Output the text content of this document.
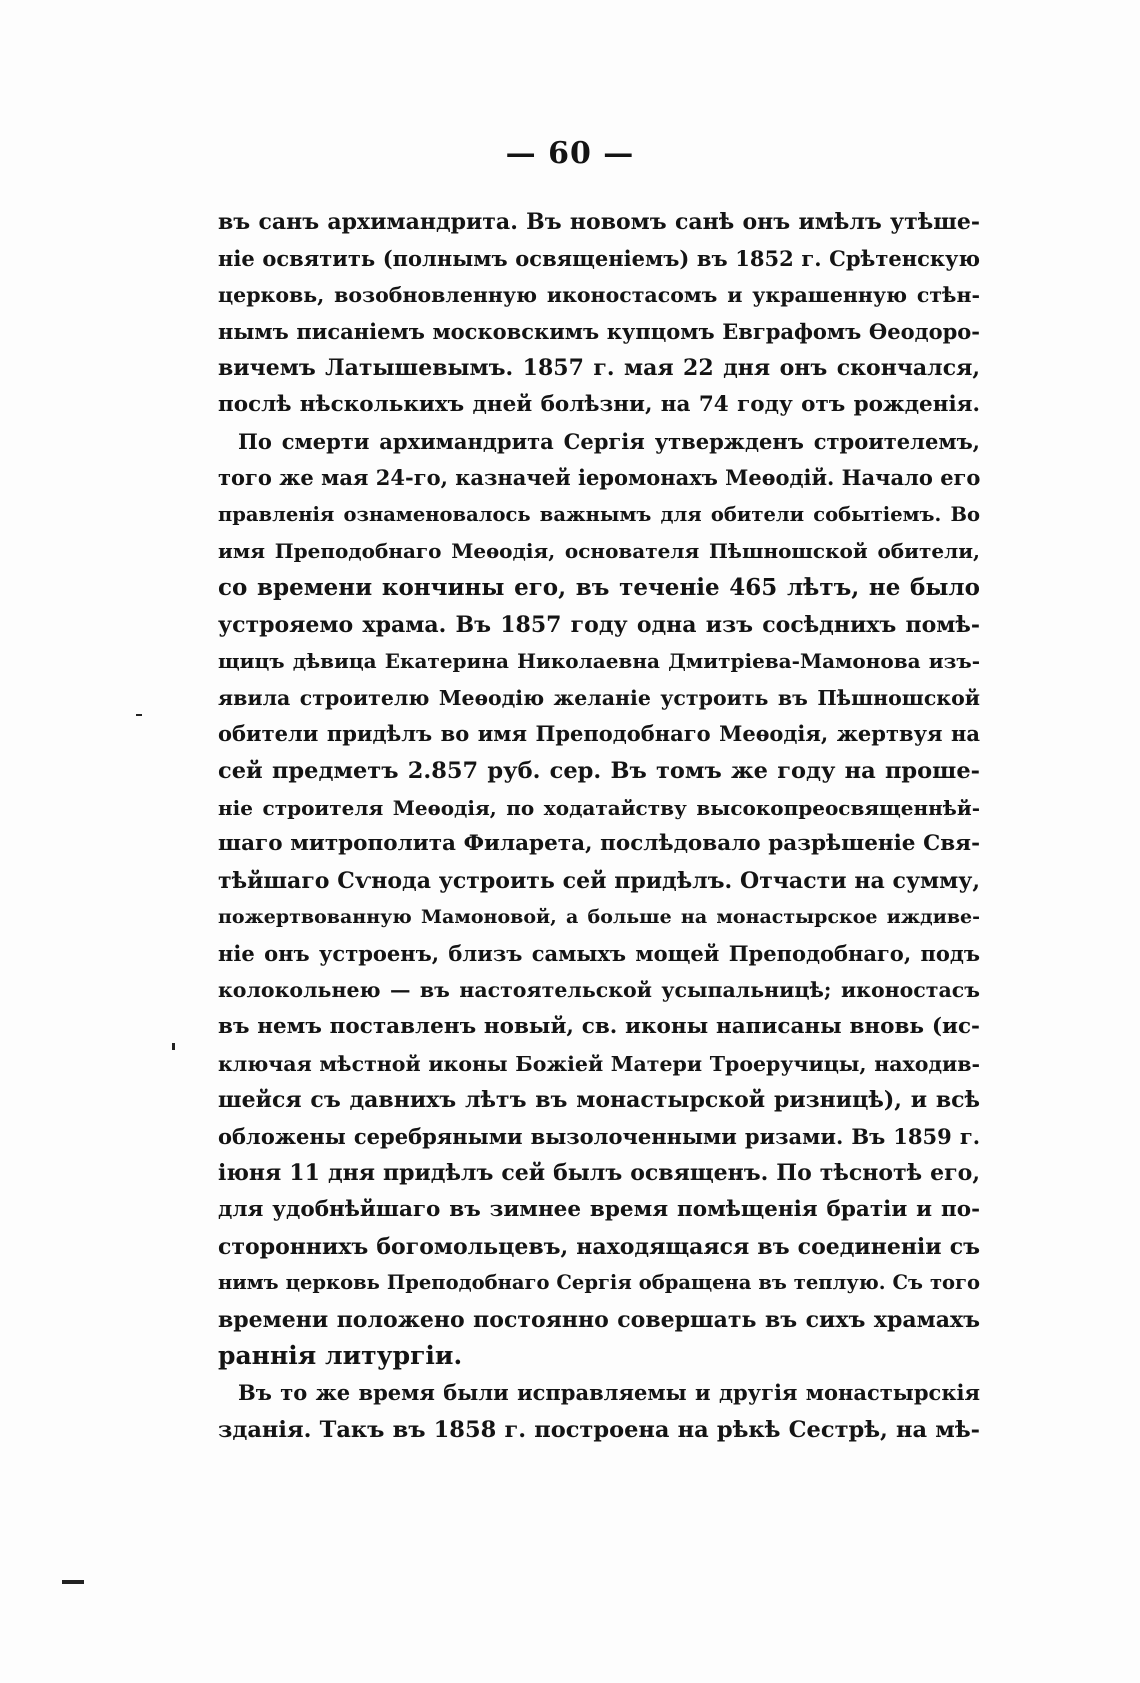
— 60 —
въ санъ архимандрита. Въ новомъ санѣ онъ имѣлъ утѣше-
ніе освятить (полнымъ освященіемъ) въ 1852 г. Срѣтенскую
церковь, возобновленную иконостасомъ и украшенную стѣн-
нымъ писаніемъ московскимъ купцомъ Евграфомъ Ѳеодоро-
вичемъ Латышевымъ. 1857 г. мая 22 дня онъ скончался,
послѣ нѣсколькихъ дней болѣзни, на 74 году отъ рожденія.
По смерти архимандрита Сергія утвержденъ строителемъ,
того же мая 24-го, казначей іеромонахъ Меѳодій. Начало его
правленія ознаменовалось важнымъ для обители событіемъ. Во
имя Преподобнаго Меѳодія, основателя Пѣшношской обители,
со времени кончины его, въ теченіе 465 лѣтъ, не было
устрояемо храма. Въ 1857 году одна изъ сосѣднихъ помѣ-
щицъ дѣвица Екатерина Николаевна Дмитріева-Мамонова изъ-
явила строителю Меѳодію желаніе устроить въ Пѣшношской
обители придѣлъ во имя Преподобнаго Меѳодія, жертвуя на
сей предметъ 2.857 руб. сер. Въ томъ же году на проше-
ніе строителя Меѳодія, по ходатайству высокопреосвященнѣй-
шаго митрополита Филарета, послѣдовало разрѣшеніе Свя-
тѣйшаго Сѵнода устроить сей придѣлъ. Отчасти на сумму,
пожертвованную Мамоновой, а больше на монастырское иждиве-
ніе онъ устроенъ, близъ самыхъ мощей Преподобнаго, подъ
колокольнею — въ настоятельской усыпальницѣ; иконостасъ
въ немъ поставленъ новый, св. иконы написаны вновь (ис-
ключая мѣстной иконы Божіей Матери Троеручицы, находив-
шейся съ давнихъ лѣтъ въ монастырской ризницѣ), и всѣ
обложены серебряными вызолоченными ризами. Въ 1859 г.
іюня 11 дня придѣлъ сей былъ освященъ. По тѣснотѣ его,
для удобнѣйшаго въ зимнее время помѣщенія братіи и по-
стороннихъ богомольцевъ, находящаяся въ соединеніи съ
нимъ церковь Преподобнаго Сергія обращена въ теплую. Съ того
времени положено постоянно совершать въ сихъ храмахъ
раннія литургіи.
Въ то же время были исправляемы и другія монастырскія
зданія. Такъ въ 1858 г. построена на рѣкѣ Сестрѣ, на мѣ-
